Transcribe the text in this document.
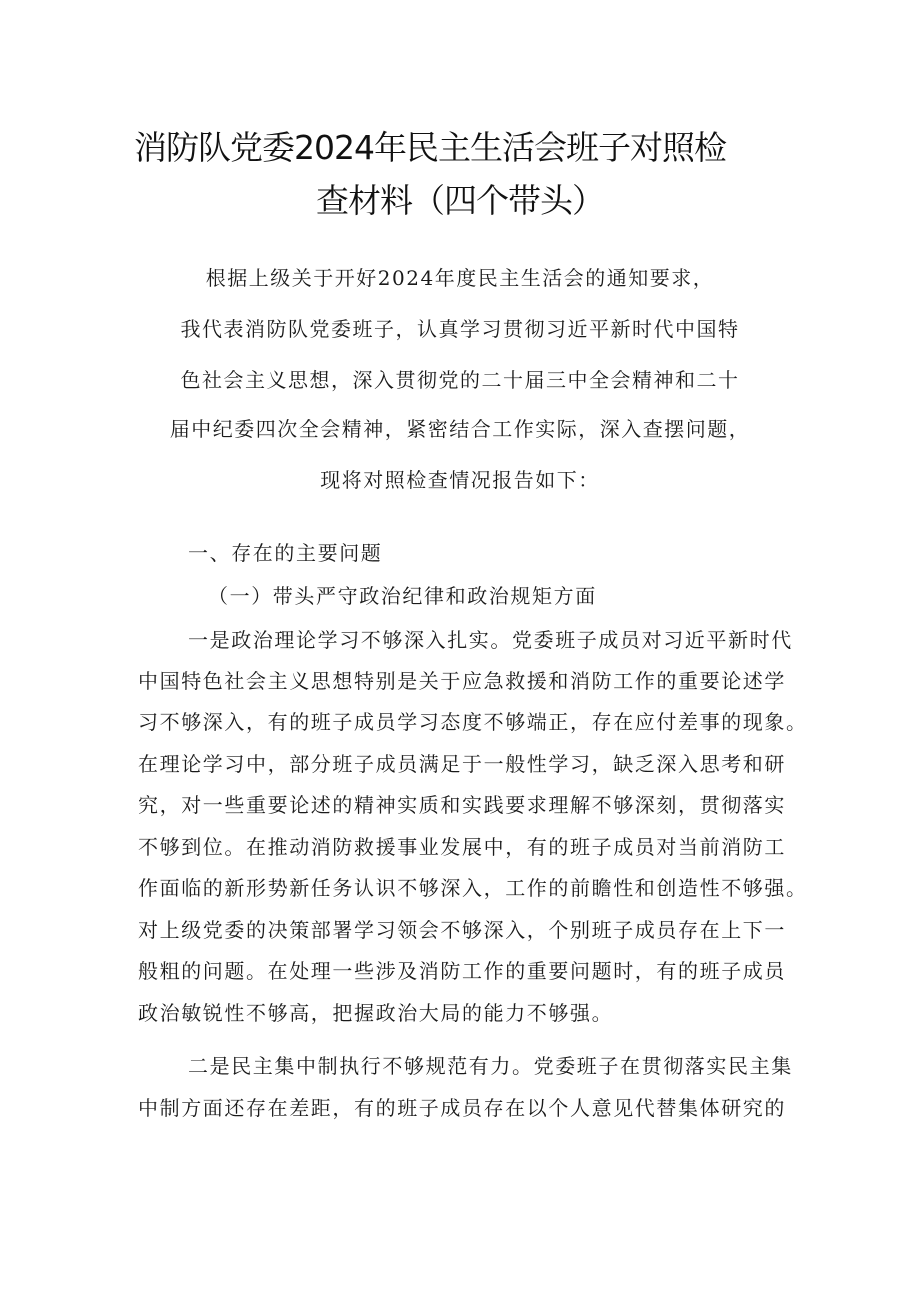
消防队党委2024年民主生活会班子对照检
查材料（四个带头）
根据上级关于开好2024年度民主生活会的通知要求，
我代表消防队党委班子，认真学习贯彻习近平新时代中国特
色社会主义思想，深入贯彻党的二十届三中全会精神和二十
届中纪委四次全会精神，紧密结合工作实际，深入查摆问题，
现将对照检查情况报告如下：
一、存在的主要问题
（一）带头严守政治纪律和政治规矩方面
一是政治理论学习不够深入扎实。党委班子成员对习近平新时代
中国特色社会主义思想特别是关于应急救援和消防工作的重要论述学
习不够深入，有的班子成员学习态度不够端正，存在应付差事的现象。
在理论学习中，部分班子成员满足于一般性学习，缺乏深入思考和研
究，对一些重要论述的精神实质和实践要求理解不够深刻，贯彻落实
不够到位。在推动消防救援事业发展中，有的班子成员对当前消防工
作面临的新形势新任务认识不够深入，工作的前瞻性和创造性不够强。
对上级党委的决策部署学习领会不够深入，个别班子成员存在上下一
般粗的问题。在处理一些涉及消防工作的重要问题时，有的班子成员
政治敏锐性不够高，把握政治大局的能力不够强。
二是民主集中制执行不够规范有力。党委班子在贯彻落实民主集
中制方面还存在差距，有的班子成员存在以个人意见代替集体研究的
